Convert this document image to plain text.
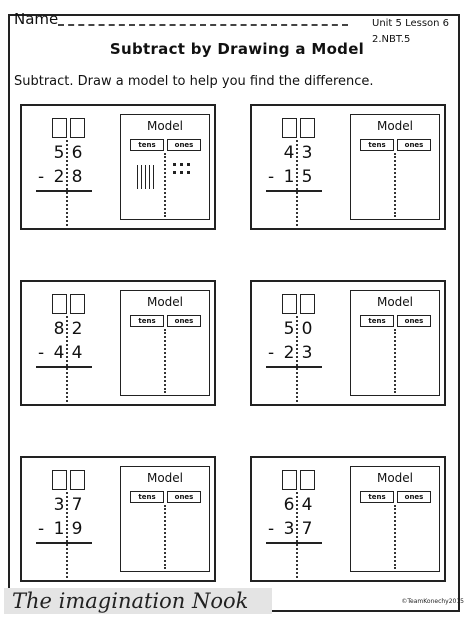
Name	Unit 5 Lesson 6
2.NBT.5
Subtract by Drawing a Model
Subtract. Draw a model to help you find the difference.
5 6
- 2 8
Model
tens	ones	4 3
- 1 5
Model
tens	ones
8 2
- 4 4
Model
tens	ones	5 0
- 2 3
Model
tens	ones
3 7
- 1 9
Model
tens	ones	6 4
- 3 7
Model
tens	ones
The imagination Nook	©TeamKonechy2015
